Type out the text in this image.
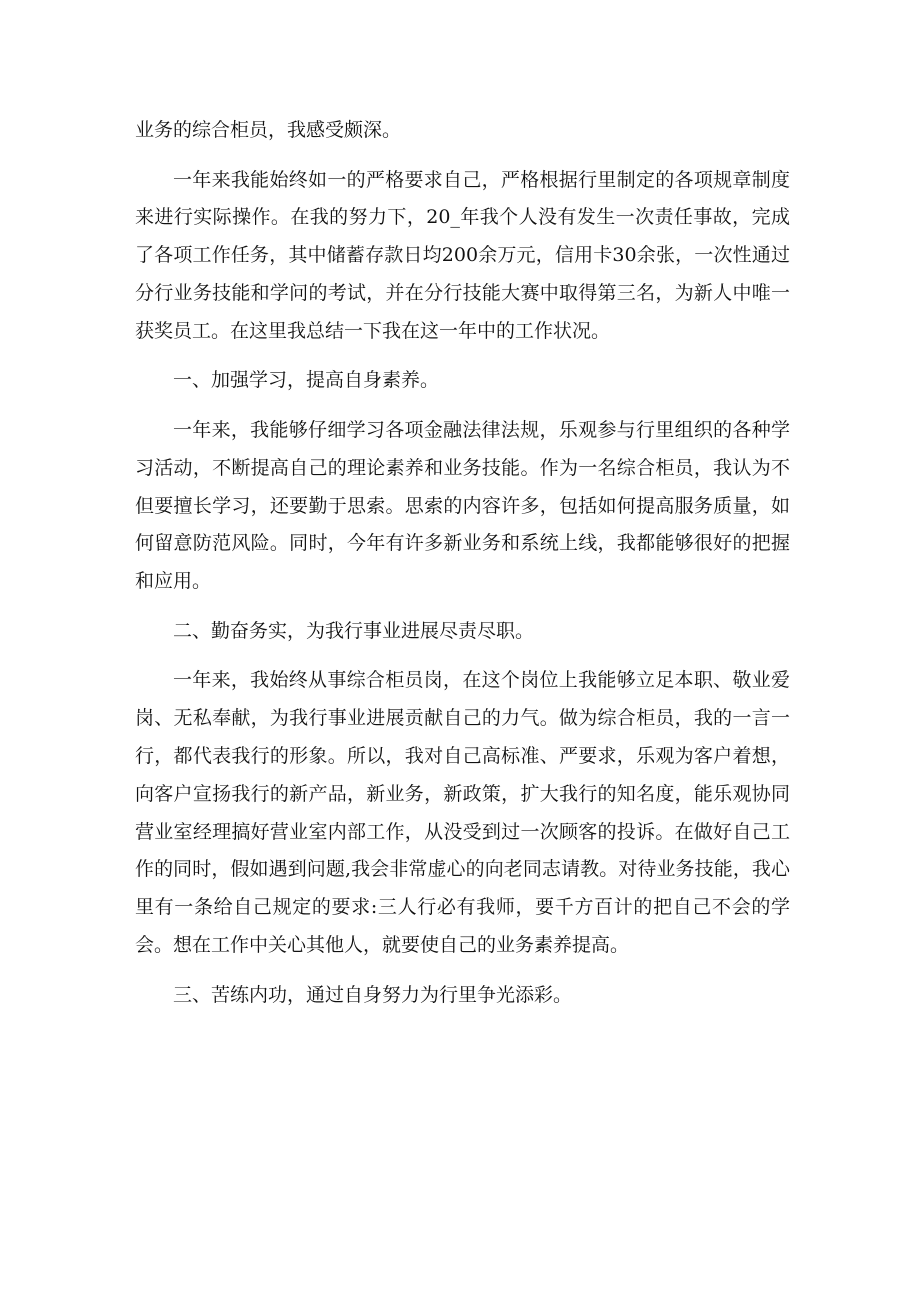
业务的综合柜员，我感受颇深。

一年来我能始终如一的严格要求自己，严格根据行里制定的各项规章制度来进行实际操作。在我的努力下，20_年我个人没有发生一次责任事故，完成了各项工作任务，其中储蓄存款日均200余万元，信用卡30余张，一次性通过分行业务技能和学问的考试，并在分行技能大赛中取得第三名，为新人中唯一获奖员工。在这里我总结一下我在这一年中的工作状况。

一、加强学习，提高自身素养。

一年来，我能够仔细学习各项金融法律法规，乐观参与行里组织的各种学习活动，不断提高自己的理论素养和业务技能。作为一名综合柜员，我认为不但要擅长学习，还要勤于思索。思索的内容许多，包括如何提高服务质量，如何留意防范风险。同时，今年有许多新业务和系统上线，我都能够很好的把握和应用。

二、勤奋务实，为我行事业进展尽责尽职。

一年来，我始终从事综合柜员岗，在这个岗位上我能够立足本职、敬业爱岗、无私奉献，为我行事业进展贡献自己的力气。做为综合柜员，我的一言一行，都代表我行的形象。所以，我对自己高标准、严要求，乐观为客户着想，向客户宣扬我行的新产品，新业务，新政策，扩大我行的知名度，能乐观协同营业室经理搞好营业室内部工作，从没受到过一次顾客的投诉。在做好自己工作的同时，假如遇到问题,我会非常虚心的向老同志请教。对待业务技能，我心里有一条给自己规定的要求:三人行必有我师，要千方百计的把自己不会的学会。想在工作中关心其他人，就要使自己的业务素养提高。

三、苦练内功，通过自身努力为行里争光添彩。
